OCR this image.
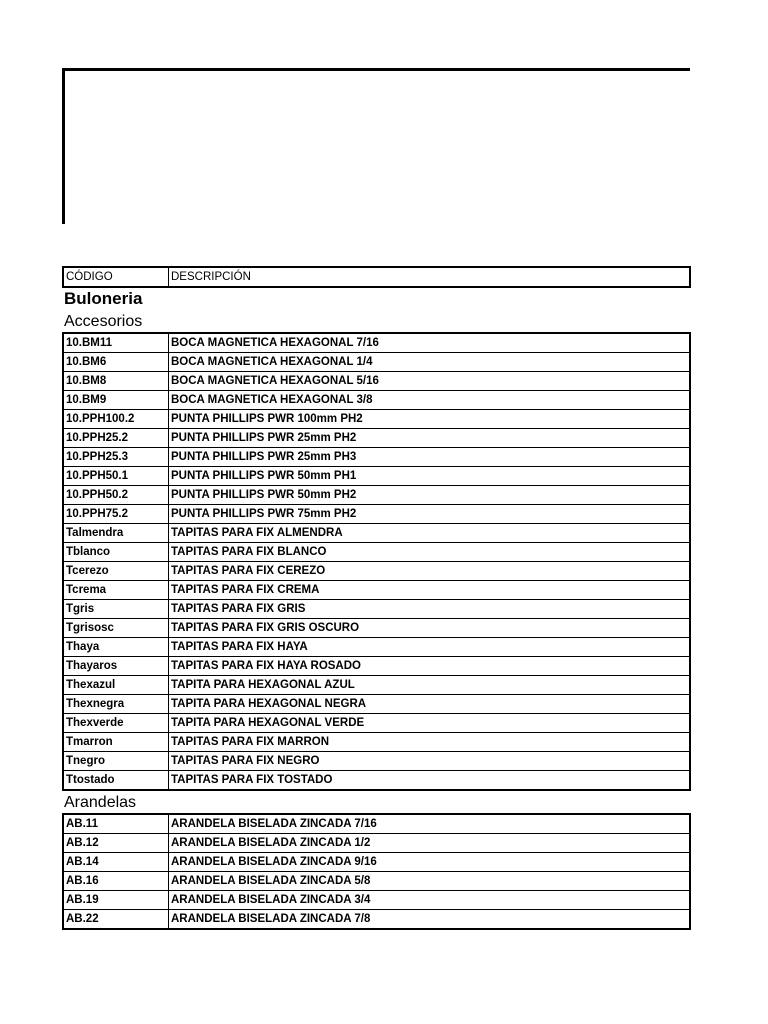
CÓDIGO	DESCRIPCIÓN
Buloneria
Accesorios
10.BM11	BOCA MAGNETICA HEXAGONAL 7/16
10.BM6	BOCA MAGNETICA HEXAGONAL 1/4
10.BM8	BOCA MAGNETICA HEXAGONAL 5/16
10.BM9	BOCA MAGNETICA HEXAGONAL 3/8
10.PPH100.2	PUNTA PHILLIPS PWR 100mm PH2
10.PPH25.2	PUNTA PHILLIPS PWR 25mm PH2
10.PPH25.3	PUNTA PHILLIPS PWR 25mm PH3
10.PPH50.1	PUNTA PHILLIPS PWR 50mm PH1
10.PPH50.2	PUNTA PHILLIPS PWR 50mm PH2
10.PPH75.2	PUNTA PHILLIPS PWR 75mm PH2
Talmendra	TAPITAS PARA FIX ALMENDRA
Tblanco	TAPITAS PARA FIX BLANCO
Tcerezo	TAPITAS PARA FIX CEREZO
Tcrema	TAPITAS PARA FIX CREMA
Tgris	TAPITAS PARA FIX GRIS
Tgrisosc	TAPITAS PARA FIX GRIS OSCURO
Thaya	TAPITAS PARA FIX HAYA
Thayaros	TAPITAS PARA FIX HAYA ROSADO
Thexazul	TAPITA PARA HEXAGONAL AZUL
Thexnegra	TAPITA PARA HEXAGONAL NEGRA
Thexverde	TAPITA PARA HEXAGONAL VERDE
Tmarron	TAPITAS PARA FIX MARRON
Tnegro	TAPITAS PARA FIX NEGRO
Ttostado	TAPITAS PARA FIX TOSTADO
Arandelas
AB.11	ARANDELA BISELADA ZINCADA 7/16
AB.12	ARANDELA BISELADA ZINCADA 1/2
AB.14	ARANDELA BISELADA ZINCADA 9/16
AB.16	ARANDELA BISELADA ZINCADA 5/8
AB.19	ARANDELA BISELADA ZINCADA 3/4
AB.22	ARANDELA BISELADA ZINCADA 7/8
